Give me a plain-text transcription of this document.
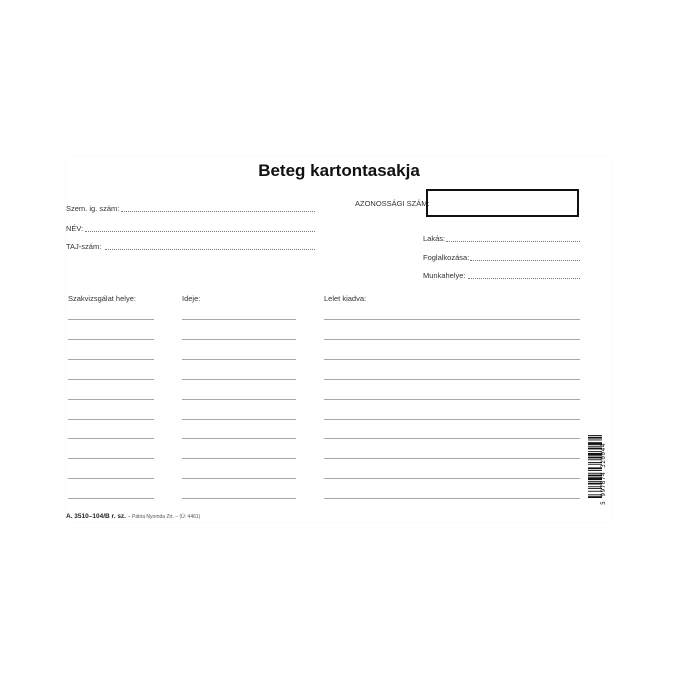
Beteg kartontasakja
Szem. ig. szám:
NÉV:
TAJ-szám:
AZONOSSÁGI SZÁM:
Lakás:
Foglalkozása:
Munkahelye:
Szakvizsgálat helye:	Ideje:	Lelet kiadva:
A. 3510–104/B r. sz. – Pátria Nyomda Zrt. – (Ü: 4461)
5 997674 320044
